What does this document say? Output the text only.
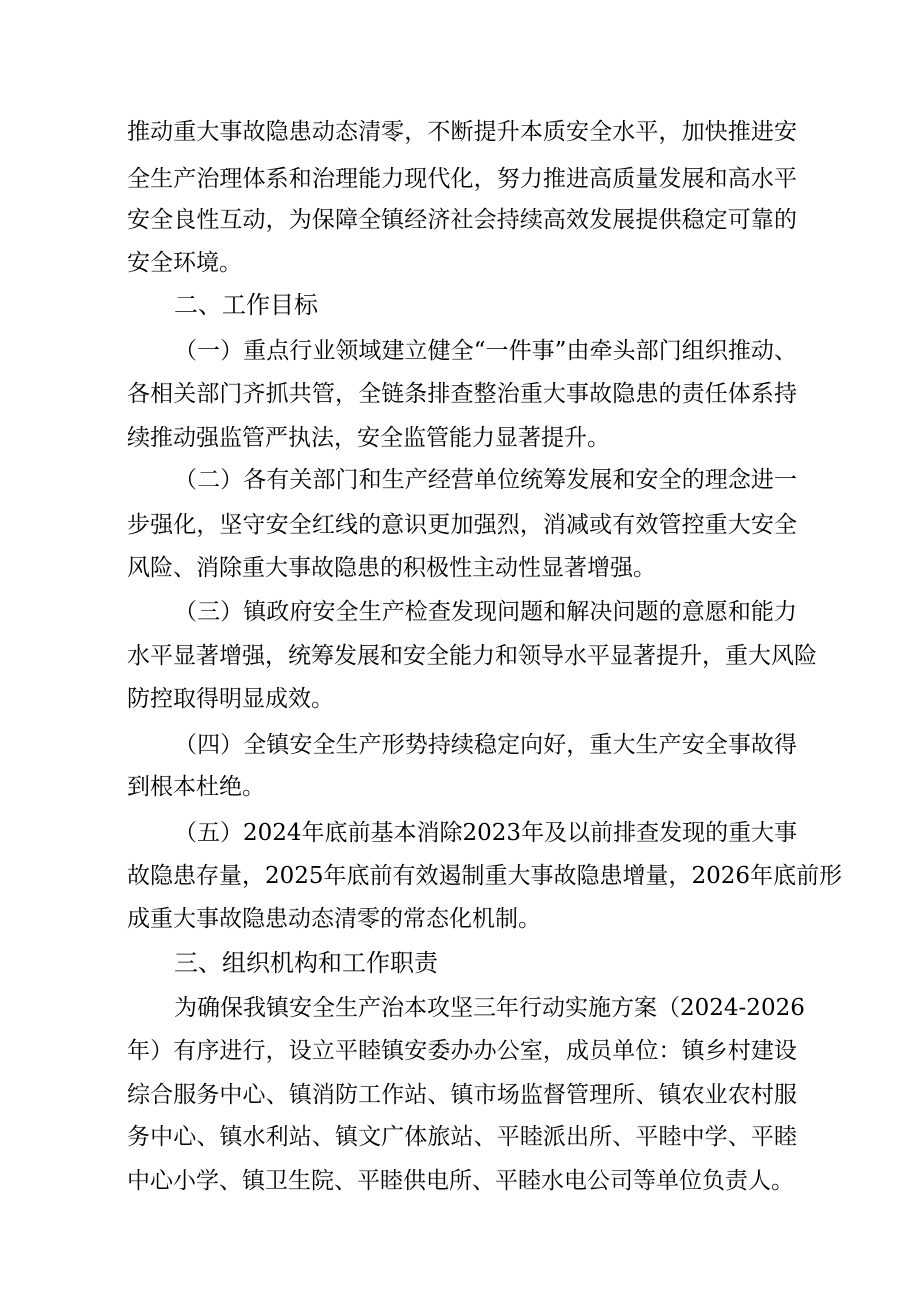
推动重大事故隐患动态清零，不断提升本质安全水平，加快推进安
全生产治理体系和治理能力现代化，努力推进高质量发展和高水平
安全良性互动，为保障全镇经济社会持续高效发展提供稳定可靠的
安全环境。
二、工作目标
（一）重点行业领域建立健全“一件事”由牵头部门组织推动、
各相关部门齐抓共管，全链条排查整治重大事故隐患的责任体系持
续推动强监管严执法，安全监管能力显著提升。
（二）各有关部门和生产经营单位统筹发展和安全的理念进一
步强化，坚守安全红线的意识更加强烈，消减或有效管控重大安全
风险、消除重大事故隐患的积极性主动性显著增强。
（三）镇政府安全生产检查发现问题和解决问题的意愿和能力
水平显著增强，统筹发展和安全能力和领导水平显著提升，重大风险
防控取得明显成效。
（四）全镇安全生产形势持续稳定向好，重大生产安全事故得
到根本杜绝。
（五）2024年底前基本消除2023年及以前排查发现的重大事
故隐患存量，2025年底前有效遏制重大事故隐患增量，2026年底前形
成重大事故隐患动态清零的常态化机制。
三、组织机构和工作职责
为确保我镇安全生产治本攻坚三年行动实施方案（2024-2026
年）有序进行，设立平睦镇安委办办公室，成员单位：镇乡村建设
综合服务中心、镇消防工作站、镇市场监督管理所、镇农业农村服
务中心、镇水利站、镇文广体旅站、平睦派出所、平睦中学、平睦
中心小学、镇卫生院、平睦供电所、平睦水电公司等单位负责人。
